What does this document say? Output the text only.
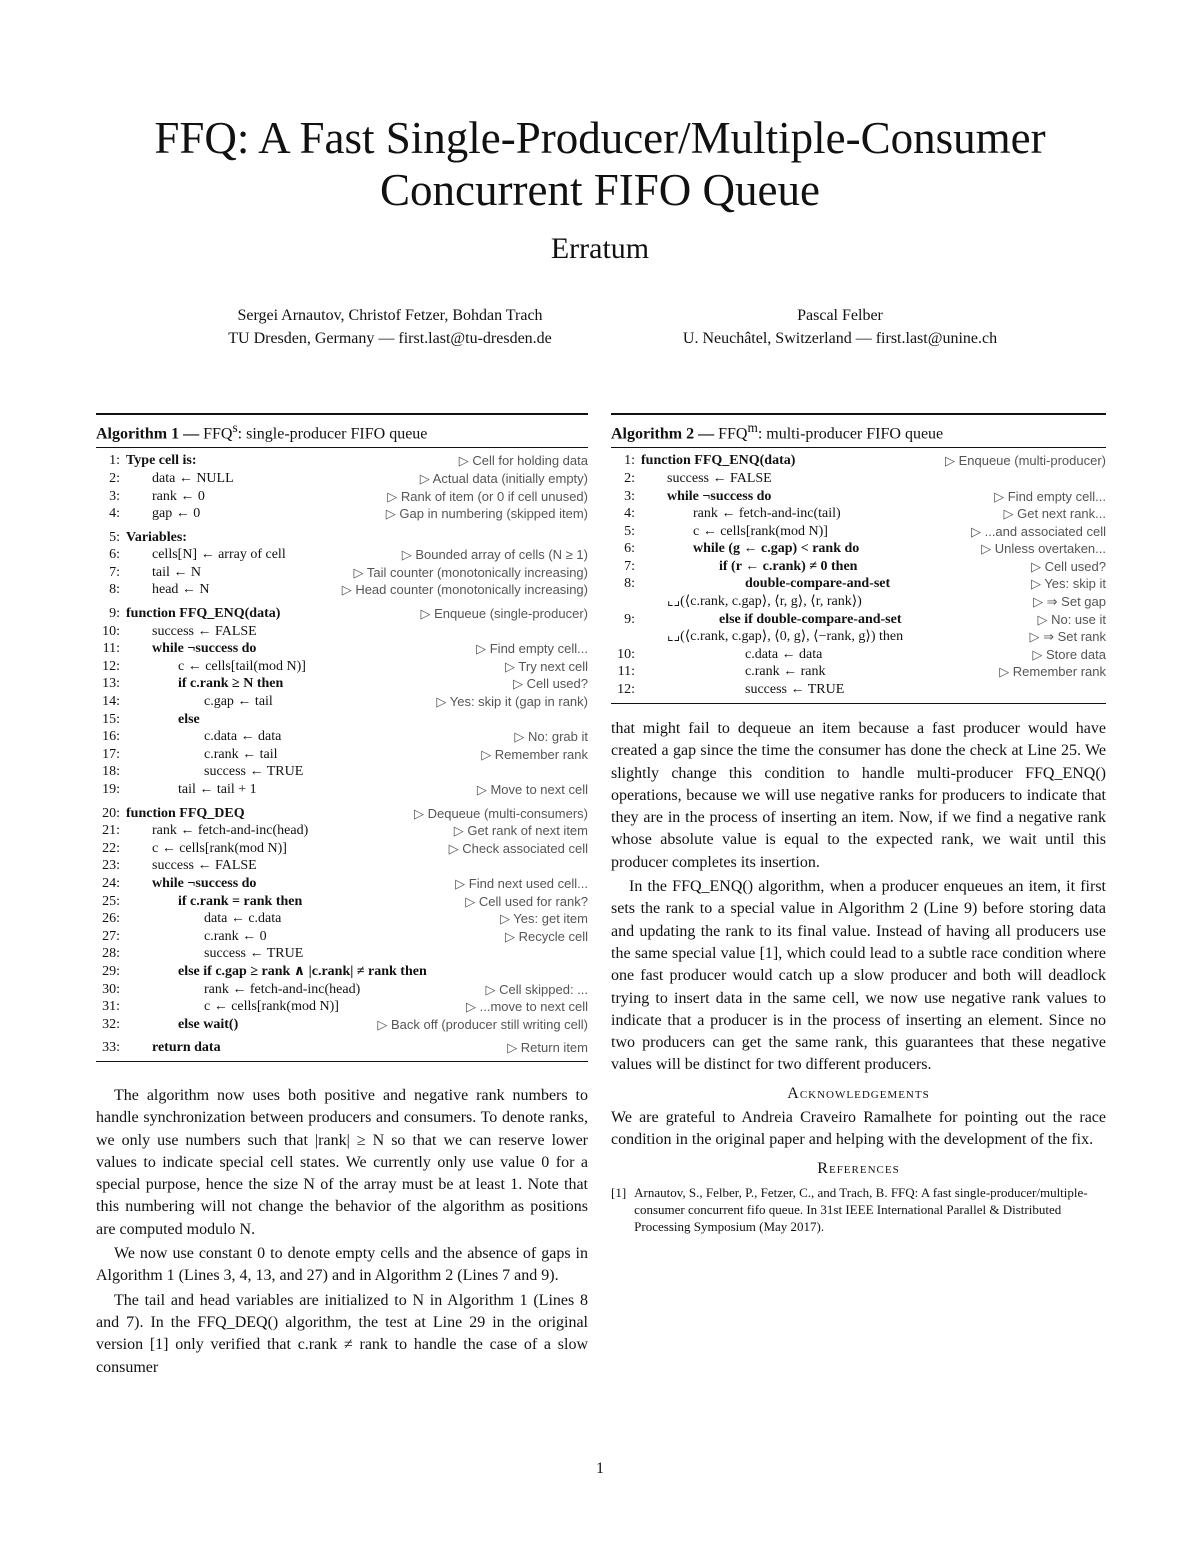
FFQ: A Fast Single-Producer/Multiple-Consumer
Concurrent FIFO Queue
Erratum
Sergei Arnautov, Christof Fetzer, Bohdan Trach
TU Dresden, Germany — first.last@tu-dresden.de
Pascal Felber
U. Neuchâtel, Switzerland — first.last@unine.ch
Algorithm 1 — FFQ$^s$: single-producer FIFO queue
1: Type cell is:	▷ Cell for holding data
2: data ← NULL	▷ Actual data (initially empty)
3: rank ← 0	▷ Rank of item (or 0 if cell unused)
4: gap ← 0	▷ Gap in numbering (skipped item)
5: Variables:
6: cells[N] ← array of cell	▷ Bounded array of cells (N ≥ 1)
7: tail ← N	▷ Tail counter (monotonically increasing)
8: head ← N	▷ Head counter (monotonically increasing)
9: function FFQ_ENQ(data)	▷ Enqueue (single-producer)
10: success ← FALSE
11: while ¬success do	▷ Find empty cell...
12:	c ← cells[tail(mod N)]	▷ Try next cell
13:	if c.rank ≥ N then	▷ Cell used?
14:	c.gap ← tail	▷ Yes: skip it (gap in rank)
15:	else
16:	c.data ← data	▷ No: grab it
17:	c.rank ← tail	▷ Remember rank
18:	success ← TRUE
19:	tail ← tail + 1	▷ Move to next cell
20: function FFQ_DEQ	▷ Dequeue (multi-consumers)
21: rank ← fetch-and-inc(head)	▷ Get rank of next item
22: c ← cells[rank(mod N)]	▷ Check associated cell
23: success ← FALSE
24: while ¬success do	▷ Find next used cell...
25:	if c.rank = rank then	▷ Cell used for rank?
26:	data ← c.data	▷ Yes: get item
27:	c.rank ← 0	▷ Recycle cell
28:	success ← TRUE
29:	else if c.gap ≥ rank ∧ |c.rank| ≠ rank then
30:	rank ← fetch-and-inc(head)	▷ Cell skipped: ...
31:	c ← cells[rank(mod N)]	▷ ...move to next cell
32:	else wait()	▷ Back off (producer still writing cell)
33: return data	▷ Return item
Algorithm 2 — FFQ$^m$: multi-producer FIFO queue
1: function FFQ_ENQ(data)	▷ Enqueue (multi-producer)
2: success ← FALSE
3: while ¬success do	▷ Find empty cell...
4:	rank ← fetch-and-inc(tail)	▷ Get next rank...
5:	c ← cells[rank(mod N)]	▷ ...and associated cell
6:	while (g ← c.gap) < rank do	▷ Unless overtaken...
7:	if (r ← c.rank) ≠ 0 then	▷ Cell used?
8:	double-compare-and-set	▷ Yes: skip it
⌞⌟(⟨c.rank, c.gap⟩, ⟨r, g⟩, ⟨r, rank⟩)	▷ ⇒ Set gap
9:	else if double-compare-and-set	▷ No: use it
⌞⌟(⟨c.rank, c.gap⟩, ⟨0, g⟩, ⟨−rank, g⟩) then	▷ ⇒ Set rank
10:	c.data ← data	▷ Store data
11:	c.rank ← rank	▷ Remember rank
12:	success ← TRUE

The algorithm now uses both positive and negative rank numbers to handle synchronization between producers and consumers. To denote ranks, we only use numbers such that |rank| ≥ N so that we can reserve lower values to indicate special cell states. We currently only use value 0 for a special purpose, hence the size N of the array must be at least 1. Note that this numbering will not change the behavior of the algorithm as positions are computed modulo N.

We now use constant 0 to denote empty cells and the absence of gaps in Algorithm 1 (Lines 3, 4, 13, and 27) and in Algorithm 2 (Lines 7 and 9).

The tail and head variables are initialized to N in Algorithm 1 (Lines 8 and 7). In the FFQ_DEQ() algorithm, the test at Line 29 in the original version [1] only verified that c.rank ≠ rank to handle the case of a slow consumer

that might fail to dequeue an item because a fast producer would have created a gap since the time the consumer has done the check at Line 25. We slightly change this condition to handle multi-producer FFQ_ENQ() operations, because we will use negative ranks for producers to indicate that they are in the process of inserting an item. Now, if we find a negative rank whose absolute value is equal to the expected rank, we wait until this producer completes its insertion.

In the FFQ_ENQ() algorithm, when a producer enqueues an item, it first sets the rank to a special value in Algorithm 2 (Line 9) before storing data and updating the rank to its final value. Instead of having all producers use the same special value [1], which could lead to a subtle race condition where one fast producer would catch up a slow producer and both will deadlock trying to insert data in the same cell, we now use negative rank values to indicate that a producer is in the process of inserting an element. Since no two producers can get the same rank, this guarantees that these negative values will be distinct for two different producers.

Acknowledgements

We are grateful to Andreia Craveiro Ramalhete for pointing out the race condition in the original paper and helping with the development of the fix.

References
[1] Arnautov, S., Felber, P., Fetzer, C., and Trach, B. FFQ: A fast single-producer/multiple-consumer concurrent fifo queue. In 31st IEEE International Parallel & Distributed Processing Symposium (May 2017).
1
